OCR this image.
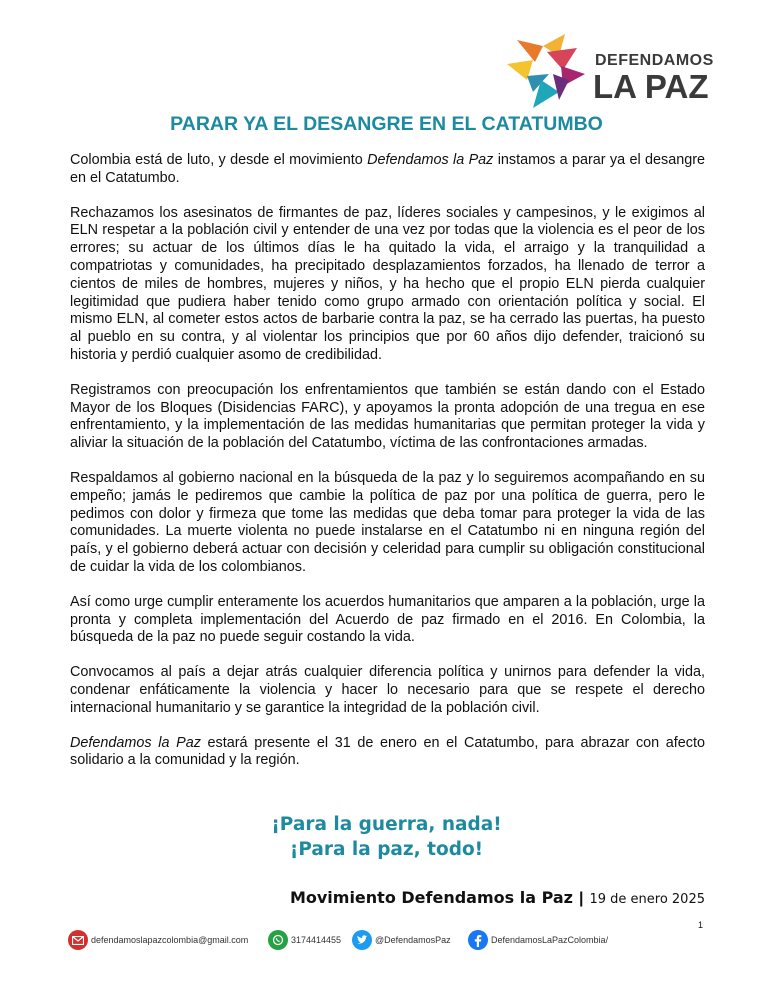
DEFENDAMOS
LA PAZ
PARAR YA EL DESANGRE EN EL CATATUMBO

Colombia está de luto, y desde el movimiento Defendamos la Paz instamos a parar ya el desangre en el Catatumbo.

Rechazamos los asesinatos de firmantes de paz, líderes sociales y campesinos, y le exigimos al ELN respetar a la población civil y entender de una vez por todas que la violencia es el peor de los errores; su actuar de los últimos días le ha quitado la vida, el arraigo y la tranquilidad a compatriotas y comunidades, ha precipitado desplazamientos forzados, ha llenado de terror a cientos de miles de hombres, mujeres y niños, y ha hecho que el propio ELN pierda cualquier legitimidad que pudiera haber tenido como grupo armado con orientación política y social. El mismo ELN, al cometer estos actos de barbarie contra la paz, se ha cerrado las puertas, ha puesto al pueblo en su contra, y al violentar los principios que por 60 años dijo defender, traicionó su historia y perdió cualquier asomo de credibilidad.

Registramos con preocupación los enfrentamientos que también se están dando con el Estado Mayor de los Bloques (Disidencias FARC), y apoyamos la pronta adopción de una tregua en ese enfrentamiento, y la implementación de las medidas humanitarias que permitan proteger la vida y aliviar la situación de la población del Catatumbo, víctima de las confrontaciones armadas.

Respaldamos al gobierno nacional en la búsqueda de la paz y lo seguiremos acompañando en su empeño; jamás le pediremos que cambie la política de paz por una política de guerra, pero le pedimos con dolor y firmeza que tome las medidas que deba tomar para proteger la vida de las comunidades. La muerte violenta no puede instalarse en el Catatumbo ni en ninguna región del país, y el gobierno deberá actuar con decisión y celeridad para cumplir su obligación constitucional de cuidar la vida de los colombianos.

Así como urge cumplir enteramente los acuerdos humanitarios que amparen a la población, urge la pronta y completa implementación del Acuerdo de paz firmado en el 2016. En Colombia, la búsqueda de la paz no puede seguir costando la vida.

Convocamos al país a dejar atrás cualquier diferencia política y unirnos para defender la vida, condenar enfáticamente la violencia y hacer lo necesario para que se respete el derecho internacional humanitario y se garantice la integridad de la población civil.

Defendamos la Paz estará presente el 31 de enero en el Catatumbo, para abrazar con afecto solidario a la comunidad y la región.

¡Para la guerra, nada!
¡Para la paz, todo!
Movimiento Defendamos la Paz | 19 de enero 2025
1
defendamoslapazcolombia@gmail.com	3174414455	@DefendamosPaz	DefendamosLaPazColombia/
